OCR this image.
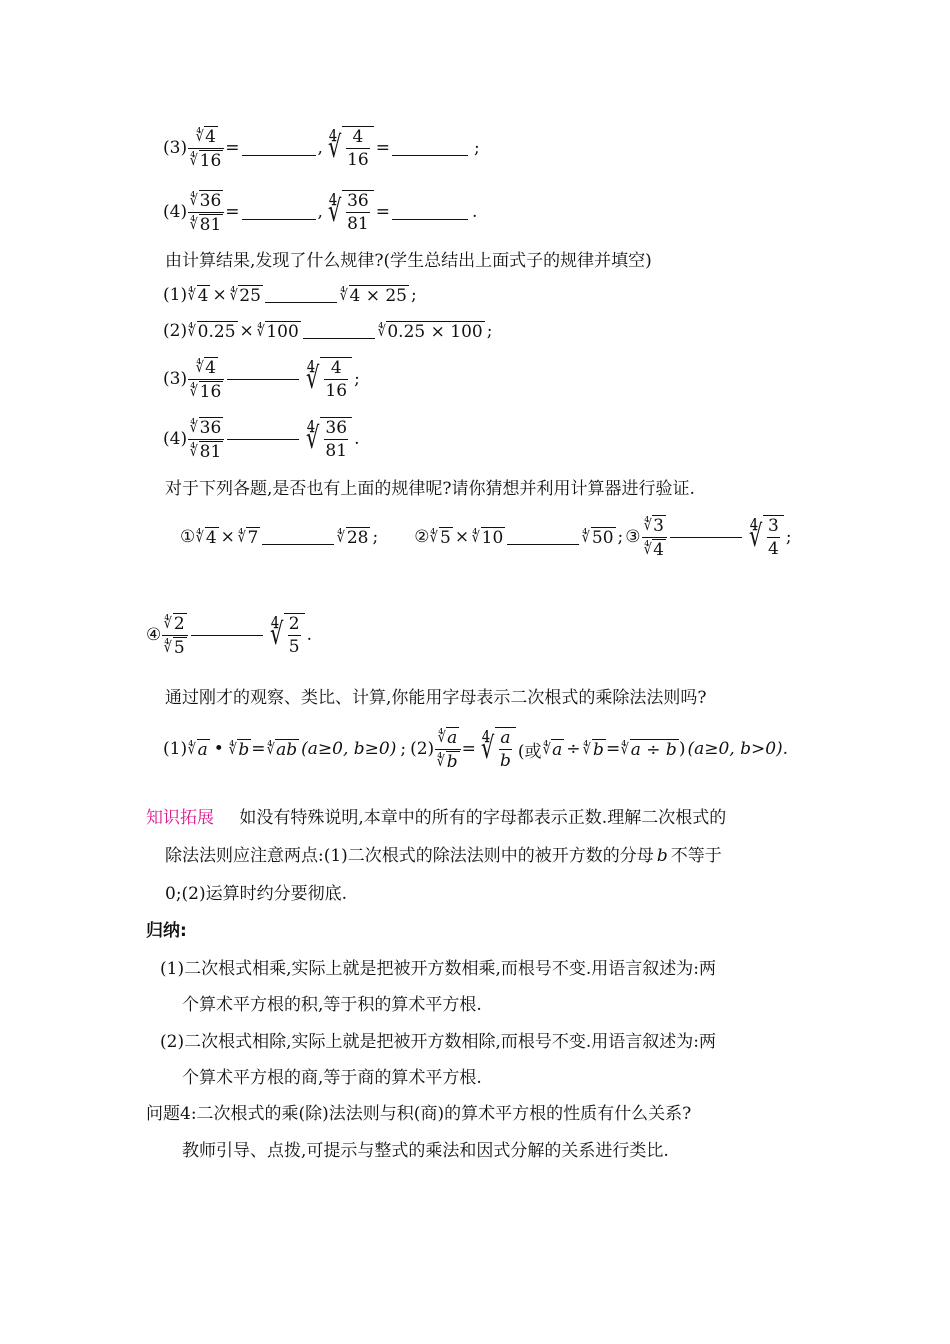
$(3) \frac{∜ 4}{∜ 16}$ =	, ∜ 4
16
=	;
$(4) \frac{∜ 36}{∜ 81}$ =	, ∜ 36
81
=	.
由计算结果,发现了什么规律?(学生总结出上面式子的规律并填空)
(1) ∜ 4 × ∜ 25	∜ 4 × 25 ;
(2) ∜ 0.25 × ∜ 100	∜ 0.25 × 100 ;
(3)
∜ 4
∜ 16	∜ 4
16
;
(4)
∜ 36
∜ 81	∜ 36
81
.
对于下列各题,是否也有上面的规律呢?请你猜想并利用计算器进行验证.
① ∜ 4 × ∜ 7	∜ 28 ; ② ∜ 5 × ∜ 10	∜ 50 ; ③
∜ 3
∜ 4	∜ 3
4
;
④
∜ 2
∜ 5	∜ 2
5
.
通过刚才的观察、类比、计算,你能用字母表示二次根式的乘除法法则吗?
(1) ∜ a • ∜ b = ∜ ab (a≥0, b≥0) ; $(2) \frac{∜ a}{∜ b}$ = ∜ a
b (或 ∜ a ÷ ∜ b = ∜ a ÷ b ) (a≥0, b>0).
知识拓展 如没有特殊说明,本章中的所有的字母都表示正数.理解二次根式的
除法法则应注意两点:(1)二次根式的除法法则中的被开方数的分母 b 不等于
0;(2)运算时约分要彻底.
归纳:
(1)二次根式相乘,实际上就是把被开方数相乘,而根号不变.用语言叙述为:两
个算术平方根的积,等于积的算术平方根.
(2)二次根式相除,实际上就是把被开方数相除,而根号不变.用语言叙述为:两
个算术平方根的商,等于商的算术平方根.
问题4:二次根式的乘(除)法法则与积(商)的算术平方根的性质有什么关系?
教师引导、点拨,可提示与整式的乘法和因式分解的关系进行类比.
